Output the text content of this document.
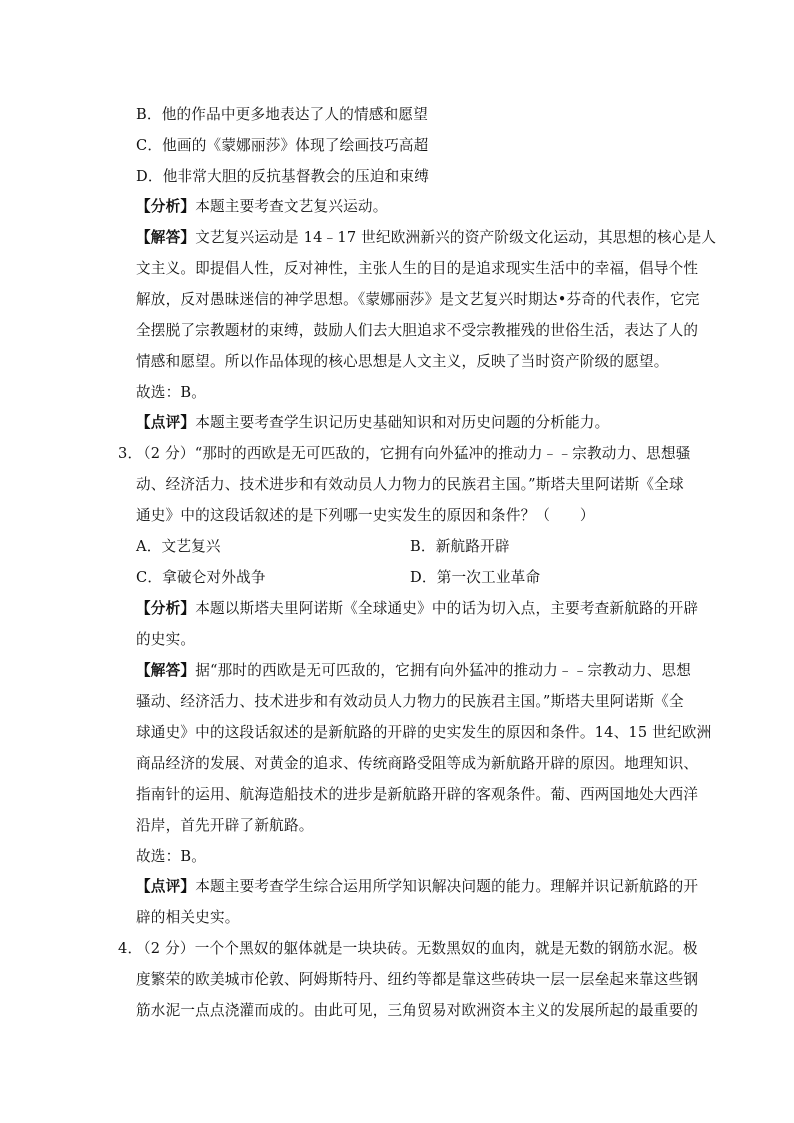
B．他的作品中更多地表达了人的情感和愿望
C．他画的《蒙娜丽莎》体现了绘画技巧高超
D．他非常大胆的反抗基督教会的压迫和束缚
【分析】本题主要考查文艺复兴运动。
【解答】文艺复兴运动是 14﹣17 世纪欧洲新兴的资产阶级文化运动，其思想的核心是人
文主义。即提倡人性，反对神性，主张人生的目的是追求现实生活中的幸福，倡导个性
解放，反对愚昧迷信的神学思想。《蒙娜丽莎》是文艺复兴时期达•芬奇的代表作，它完
全摆脱了宗教题材的束缚，鼓励人们去大胆追求不受宗教摧残的世俗生活，表达了人的
情感和愿望。所以作品体现的核心思想是人文主义，反映了当时资产阶级的愿望。
故选：B。
【点评】本题主要考查学生识记历史基础知识和对历史问题的分析能力。
3．
（2 分）“那时的西欧是无可匹敌的，它拥有向外猛冲的推动力﹣﹣宗教动力、思想骚
动、经济活力、技术进步和有效动员人力物力的民族君主国。”斯塔夫里阿诺斯《全球
通史》中的这段话叙述的是下列哪一史实发生的原因和条件？（　　）
A．文艺复兴	B．新航路开辟
C．拿破仑对外战争	D．第一次工业革命
【分析】本题以斯塔夫里阿诺斯《全球通史》中的话为切入点，主要考查新航路的开辟
的史实。
【解答】据“那时的西欧是无可匹敌的，它拥有向外猛冲的推动力﹣﹣宗教动力、思想
骚动、经济活力、技术进步和有效动员人力物力的民族君主国。”斯塔夫里阿诺斯《全
球通史》中的这段话叙述的是新航路的开辟的史实发生的原因和条件。14、15 世纪欧洲
商品经济的发展、对黄金的追求、传统商路受阻等成为新航路开辟的原因。地理知识、
指南针的运用、航海造船技术的进步是新航路开辟的客观条件。葡、西两国地处大西洋
沿岸，首先开辟了新航路。
故选：B。
【点评】本题主要考查学生综合运用所学知识解决问题的能力。理解并识记新航路的开
辟的相关史实。
4．
（2 分）一个个黑奴的躯体就是一块块砖。无数黑奴的血肉，就是无数的钢筋水泥。极
度繁荣的欧美城市伦敦、阿姆斯特丹、纽约等都是靠这些砖块一层一层垒起来靠这些钢
筋水泥一点点浇灌而成的。由此可见，三角贸易对欧洲资本主义的发展所起的最重要的
